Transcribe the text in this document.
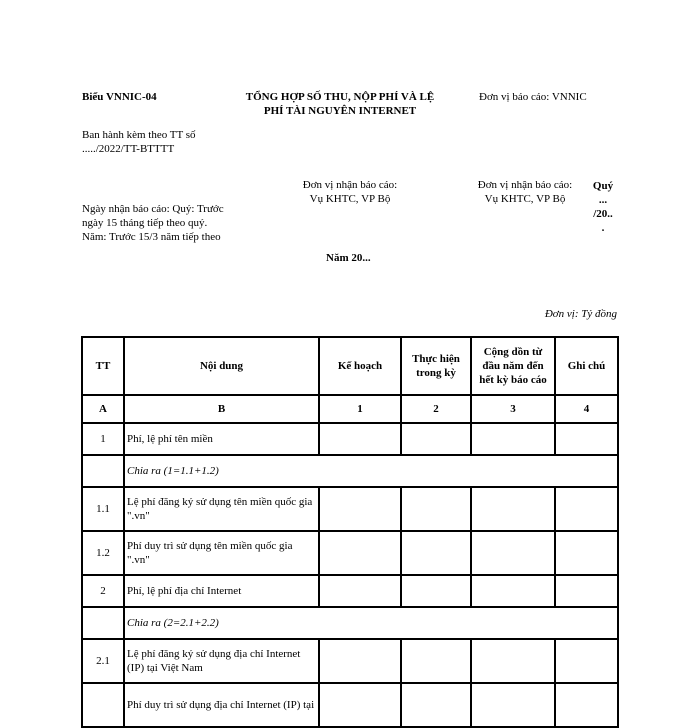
Biểu VNNIC-04	TỔNG HỢP SỐ THU, NỘP PHÍ VÀ LỆ
PHÍ TÀI NGUYÊN INTERNET
Đơn vị báo cáo: VNNIC
Ban hành kèm theo TT số
...../2022/TT-BTTTT
Đơn vị nhận báo cáo:
Vụ KHTC, VP Bộ
Đơn vị nhận báo cáo:
Vụ KHTC, VP Bộ
Quý
...
/20..
.
Ngày nhận báo cáo: Quý: Trước
ngày 15 tháng tiếp theo quý.
Năm: Trước 15/3 năm tiếp theo
Năm 20...
Đơn vị: Tỷ đồng
TT	Nội dung	Kế hoạch	Thực hiện trong kỳ	Cộng dồn từ đầu năm đến hết kỳ báo cáo	Ghi chú
A	B	1	2	3	4
1	Phí, lệ phí tên miền				
	Chia ra (1=1.1+1.2)				
1.1	Lệ phí đăng ký sử dụng tên miền quốc gia ".vn"				
1.2	Phí duy trì sử dụng tên miền quốc gia ".vn"				
2	Phí, lệ phí địa chỉ Internet				
	Chia ra (2=2.1+2.2)				
2.1	Lệ phí đăng ký sử dụng địa chỉ Internet (IP) tại Việt Nam				
	Phí duy trì sử dụng địa chỉ Internet (IP) tại				
